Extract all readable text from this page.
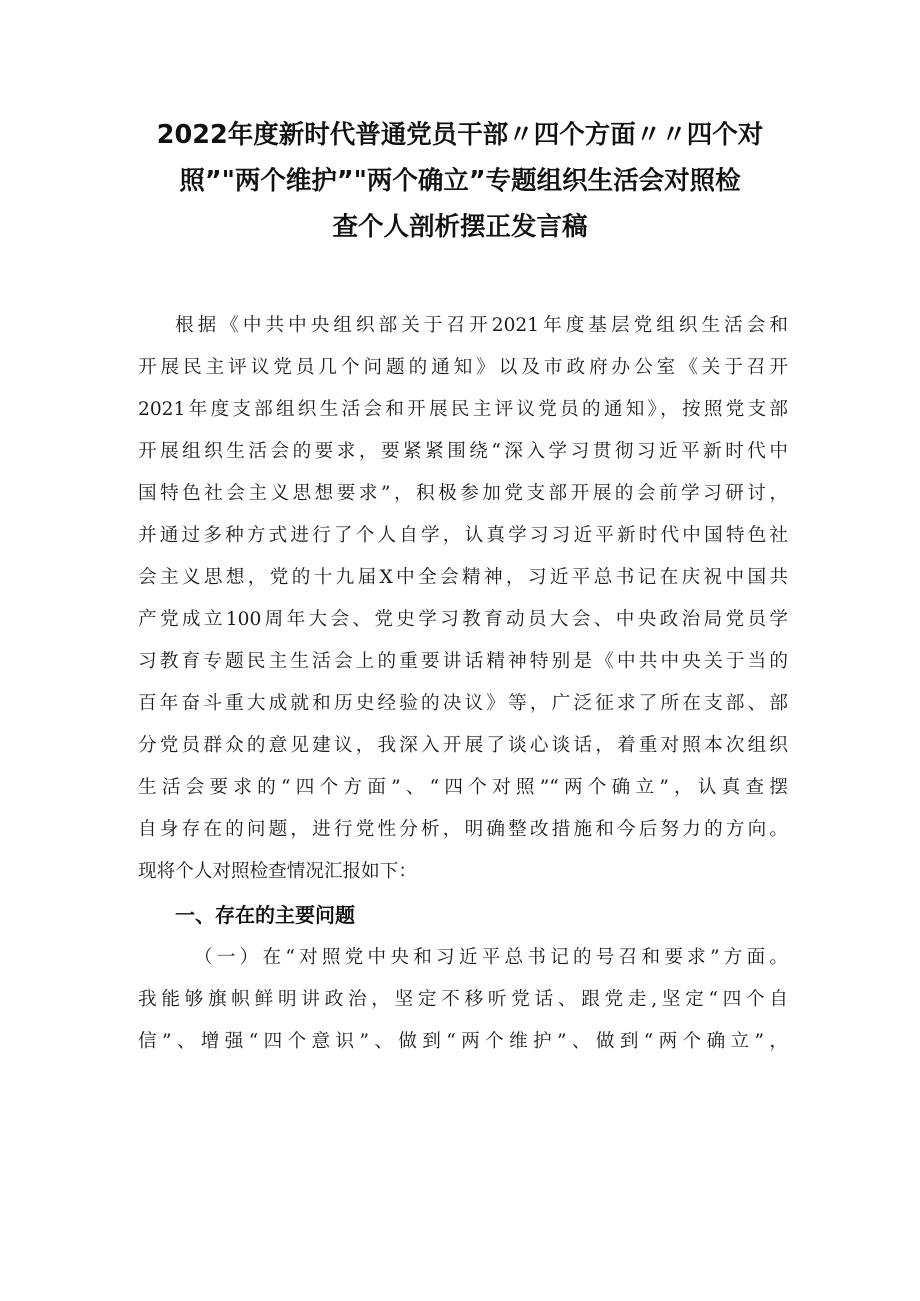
2022年度新时代普通党员干部〃四个方面〃〃四个对
照”"两个维护”"两个确立”专题组织生活会对照检
查个人剖析摆正发言稿

根据《中共中央组织部关于召开2021年度基层党组织生活会和
开展民主评议党员几个问题的通知》以及市政府办公室《关于召开
2021年度支部组织生活会和开展民主评议党员的通知》，按照党支部
开展组织生活会的要求，要紧紧围绕“深入学习贯彻习近平新时代中
国特色社会主义思想要求”，积极参加党支部开展的会前学习研讨，
并通过多种方式进行了个人自学，认真学习习近平新时代中国特色社
会主义思想，党的十九届X中全会精神，习近平总书记在庆祝中国共
产党成立100周年大会、党史学习教育动员大会、中央政治局党员学
习教育专题民主生活会上的重要讲话精神特别是《中共中央关于当的
百年奋斗重大成就和历史经验的决议》等，广泛征求了所在支部、部
分党员群众的意见建议，我深入开展了谈心谈话，着重对照本次组织
生活会要求的“四个方面”、“四个对照”“两个确立”，认真查摆
自身存在的问题，进行党性分析，明确整改措施和今后努力的方向。
现将个人对照检查情况汇报如下：

一、存在的主要问题

（一）在“对照党中央和习近平总书记的号召和要求”方面。
我能够旗帜鲜明讲政治，坚定不移听党话、跟党走,坚定“四个自
信”、增强“四个意识”、做到“两个维护”、做到“两个确立”，
